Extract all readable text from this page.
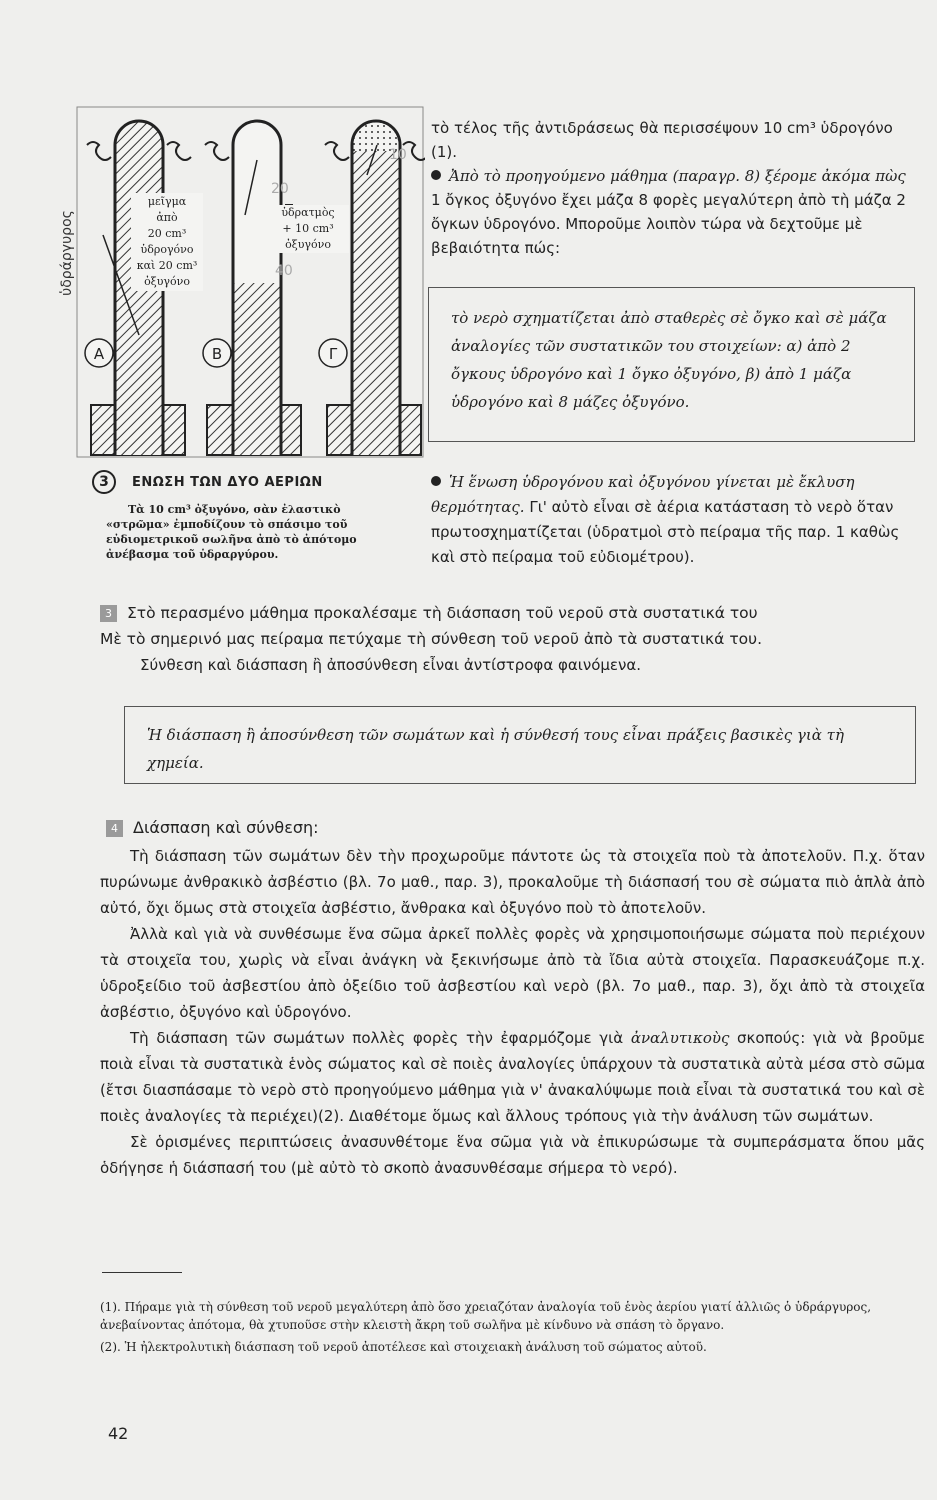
ὑδράργυρος
A	B	Γ
μεῖγμα
ἀπὸ
20 cm³
ὑδρογόνο
καὶ 20 cm³
ὀξυγόνο
ὑδρατμὸς
+ 10 cm³
ὀξυγόνο
20
40
10
3	ΕΝΩΣΗ ΤΩΝ ΔΥΟ ΑΕΡΙΩΝ

Τὰ 10 cm³ ὀξυγόνο, σὰν ἐλαστικὸ «στρῶμα» ἐμποδίζουν τὸ σπάσιμο τοῦ εὐδιομετρικοῦ σωλῆνα ἀπὸ τὸ ἀπότομο ἀνέβασμα τοῦ ὑδραργύρου.

τὸ τέλος τῆς ἀντιδράσεως θὰ περισσέψουν 10 cm³ ὑδρογόνο (1).

Ἀπὸ τὸ προηγούμενο μάθημα (παραγρ. 8) ξέρομε ἀκόμα πὼς 1 ὄγκος ὀξυγόνο ἔχει μάζα 8 φορὲς μεγαλύτερη ἀπὸ τὴ μάζα 2 ὄγκων ὑδρογόνο. Μποροῦμε λοιπὸν τώρα νὰ δεχτοῦμε μὲ βεβαιότητα πώς:

τὸ νερὸ σχηματίζεται ἀπὸ σταθερὲς σὲ ὄγκο καὶ σὲ μάζα ἀναλογίες τῶν συστατικῶν του στοιχείων: α) ἀπὸ 2 ὄγκους ὑδρογόνο καὶ 1 ὄγκο ὀξυγόνο, β) ἀπὸ 1 μάζα ὑδρογόνο καὶ 8 μάζες ὀξυγόνο.

Ἡ ἕνωση ὑδρογόνου καὶ ὀξυγόνου γίνεται μὲ ἔκλυση θερμότητας. Γι' αὐτὸ εἶναι σὲ ἀέρια κατάσταση τὸ νερὸ ὅταν πρωτοσχηματίζεται (ὑδρατμοὶ στὸ πείραμα τῆς παρ. 1 καθὼς καὶ στὸ πείραμα τοῦ εὐδιομέτρου).

3 Στὸ περασμένο μάθημα προκαλέσαμε τὴ διάσπαση τοῦ νεροῦ στὰ συστατικά του

Μὲ τὸ σημερινό μας πείραμα πετύχαμε τὴ σύνθεση τοῦ νεροῦ ἀπὸ τὰ συστατικά του.

Σύνθεση καὶ διάσπαση ἢ ἀποσύνθεση εἶναι ἀντίστροφα φαινόμενα.

Ἡ διάσπαση ἢ ἀποσύνθεση τῶν σωμάτων καὶ ἡ σύνθεσή τους εἶναι πράξεις βασικὲς γιὰ τὴ χημεία.

4 Διάσπαση καὶ σύνθεση:

Τὴ διάσπαση τῶν σωμάτων δὲν τὴν προχωροῦμε πάντοτε ὡς τὰ στοιχεῖα ποὺ τὰ ἀποτελοῦν. Π.χ. ὅταν πυρώνωμε ἀνθρακικὸ ἀσβέστιο (βλ. 7ο μαθ., παρ. 3), προκαλοῦμε τὴ διάσπασή του σὲ σώματα πιὸ ἁπλὰ ἀπὸ αὐτό, ὄχι ὅμως στὰ στοιχεῖα ἀσβέστιο, ἄνθρακα καὶ ὀξυγόνο ποὺ τὸ ἀποτελοῦν.

Ἀλλὰ καὶ γιὰ νὰ συνθέσωμε ἕνα σῶμα ἀρκεῖ πολλὲς φορὲς νὰ χρησιμοποιήσωμε σώματα ποὺ περιέχουν τὰ στοιχεῖα του, χωρὶς νὰ εἶναι ἀνάγκη νὰ ξεκινήσωμε ἀπὸ τὰ ἴδια αὐτὰ στοιχεῖα. Παρασκευάζομε π.χ. ὑδροξείδιο τοῦ ἀσβεστίου ἀπὸ ὀξείδιο τοῦ ἀσβεστίου καὶ νερὸ (βλ. 7ο μαθ., παρ. 3), ὄχι ἀπὸ τὰ στοιχεῖα ἀσβέστιο, ὀξυγόνο καὶ ὑδρογόνο.

Τὴ διάσπαση τῶν σωμάτων πολλὲς φορὲς τὴν ἐφαρμόζομε γιὰ ἀναλυτικοὺς σκοπούς: γιὰ νὰ βροῦμε ποιὰ εἶναι τὰ συστατικὰ ἑνὸς σώματος καὶ σὲ ποιὲς ἀναλογίες ὑπάρχουν τὰ συστατικὰ αὐτὰ μέσα στὸ σῶμα (ἔτσι διασπάσαμε τὸ νερὸ στὸ προηγούμενο μάθημα γιὰ ν' ἀνακαλύψωμε ποιὰ εἶναι τὰ συστατικά του καὶ σὲ ποιὲς ἀναλογίες τὰ περιέχει)(2). Διαθέτομε ὅμως καὶ ἄλλους τρόπους γιὰ τὴν ἀνάλυση τῶν σωμάτων.

Σὲ ὁρισμένες περιπτώσεις ἀνασυνθέτομε ἕνα σῶμα γιὰ νὰ ἐπικυρώσωμε τὰ συμπεράσματα ὅπου μᾶς ὁδήγησε ἡ διάσπασή του (μὲ αὐτὸ τὸ σκοπὸ ἀνασυνθέσαμε σήμερα τὸ νερό).

(1). Πήραμε γιὰ τὴ σύνθεση τοῦ νεροῦ μεγαλύτερη ἀπὸ ὅσο χρειαζόταν ἀναλογία τοῦ ἑνὸς ἀερίου γιατί ἀλλιῶς ὁ ὑδράργυρος, ἀνεβαίνοντας ἀπότομα, θὰ χτυποῦσε στὴν κλειστὴ ἄκρη τοῦ σωλῆνα μὲ κίνδυνο νὰ σπάση τὸ ὄργανο.

(2). Ἡ ἠλεκτρολυτικὴ διάσπαση τοῦ νεροῦ ἀποτέλεσε καὶ στοιχειακὴ ἀνάλυση τοῦ σώματος αὐτοῦ.

42
